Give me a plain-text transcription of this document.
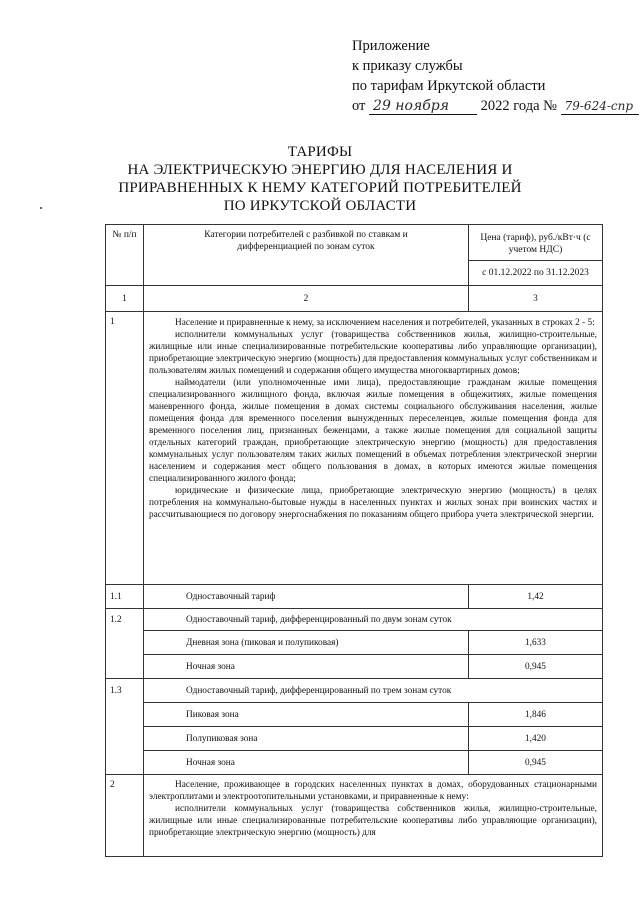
Приложение
к приказу службы
по тарифам Иркутской области
от 29 ноября 2022 года № 79-624-спр
ТАРИФЫ
НА ЭЛЕКТРИЧЕСКУЮ ЭНЕРГИЮ ДЛЯ НАСЕЛЕНИЯ И
ПРИРАВНЕННЫХ К НЕМУ КАТЕГОРИЙ ПОТРЕБИТЕЛЕЙ
ПО ИРКУТСКОЙ ОБЛАСТИ
№ п/п	Категории потребителей с разбивкой по ставкам и дифференциацией по зонам суток	Цена (тариф), руб./кВт·ч (с учетом НДС)
		с 01.12.2022 по 31.12.2023
1	2	3
1	Население и приравненные к нему, за исключением населения и потребителей, указанных в строках 2 - 5:

исполнители коммунальных услуг (товарищества собственников жилья, жилищно-строительные, жилищные или иные специализированные потребительские кооперативы либо управляющие организации), приобретающие электрическую энергию (мощность) для предоставления коммунальных услуг собственникам и пользователям жилых помещений и содержания общего имущества многоквартирных домов;

наймодатели (или уполномоченные ими лица), предоставляющие гражданам жилые помещения специализированного жилищного фонда, включая жилые помещения в общежитиях, жилые помещения маневренного фонда, жилые помещения в домах системы социального обслуживания населения, жилые помещения фонда для временного поселения вынужденных переселенцев, жилые помещения фонда для временного поселения лиц, признанных беженцами, а также жилые помещения для социальной защиты отдельных категорий граждан, приобретающие электрическую энергию (мощность) для предоставления коммунальных услуг пользователям таких жилых помещений в объемах потребления электрической энергии населением и содержания мест общего пользования в домах, в которых имеются жилые помещения специализированного жилого фонда;

юридические и физические лица, приобретающие электрическую энергию (мощность) в целях потребления на коммунально-бытовые нужды в населенных пунктах и жилых зонах при воинских частях и рассчитывающиеся по договору энергоснабжения по показаниям общего прибора учета электрической энергии.	

1.1	Одноставочный тариф	1,42
1.2	Одноставочный тариф, дифференцированный по двум зонам суток	
	Дневная зона (пиковая и полупиковая)	1,633
	Ночная зона	0,945
1.3	Одноставочный тариф, дифференцированный по трем зонам суток	
	Пиковая зона	1,846
	Полупиковая зона	1,420
	Ночная зона	0,945
2	Население, проживающее в городских населенных пунктах в домах, оборудованных стационарными электроплитами и электроотопительными установками, и приравненные к нему:

исполнители коммунальных услуг (товарищества собственников жилья, жилищно-строительные, жилищные или иные специализированные потребительские кооперативы либо управляющие организации), приобретающие электрическую энергию (мощность) для	
